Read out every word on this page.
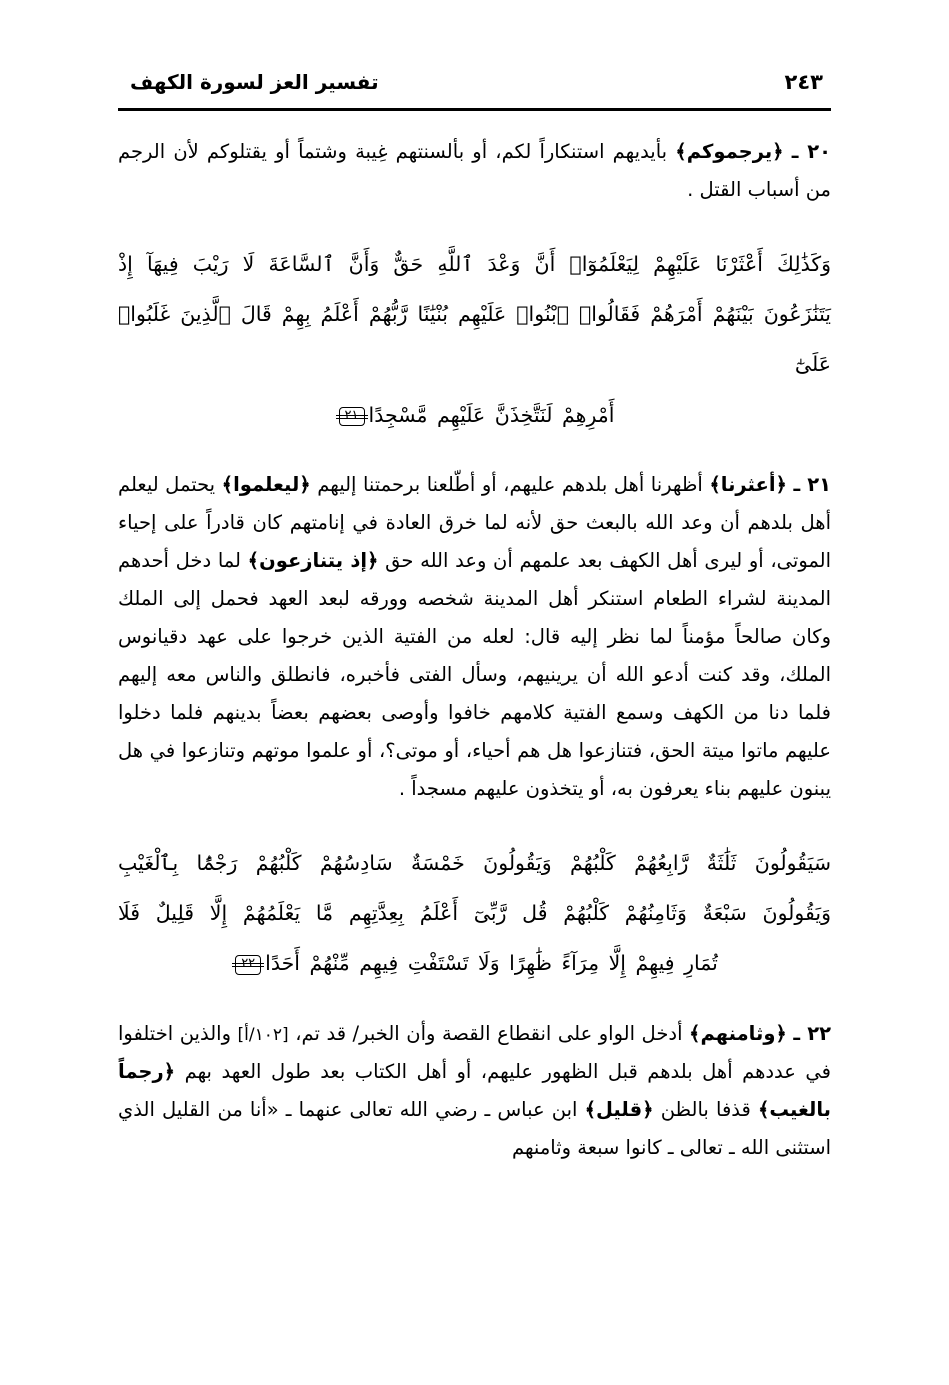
تفسير العز لسورة الكهف	٢٤٣
٢٠ ـ ﴿يرجموكم﴾ بأيديهم استنكاراً لكم، أو بألسنتهم غِيبة وشتماً أو يقتلوكم لأن الرجم من أسباب القتل .
وَكَذَٰلِكَ أَعْثَرْنَا عَلَيْهِمْ لِيَعْلَمُوٓا۟ أَنَّ وَعْدَ ٱللَّهِ حَقٌّ وَأَنَّ ٱلسَّاعَةَ لَا رَيْبَ فِيهَآ إِذْ
يَتَنَٰزَعُونَ بَيْنَهُمْ أَمْرَهُمْ فَقَالُوا۟ ٱبْنُوا۟ عَلَيْهِم بُنْيَٰنًا رَّبُّهُمْ أَعْلَمُ بِهِمْ قَالَ ٱلَّذِينَ غَلَبُوا۟ عَلَىٰٓ
أَمْرِهِمْ لَنَتَّخِذَنَّ عَلَيْهِم مَّسْجِدًا٢١
٢١ ـ ﴿أعثرنا﴾ أظهرنا أهل بلدهم عليهم، أو أطّلعنا برحمتنا إليهم ﴿ليعلموا﴾ يحتمل ليعلم أهل بلدهم أن وعد الله بالبعث حق لأنه لما خرق العادة في إنامتهم كان قادراً على إحياء الموتى، أو ليرى أهل الكهف بعد علمهم أن وعد الله حق ﴿إذ يتنازعون﴾ لما دخل أحدهم المدينة لشراء الطعام استنكر أهل المدينة شخصه وورقه لبعد العهد فحمل إلى الملك وكان صالحاً مؤمناً لما نظر إليه قال: لعله من الفتية الذين خرجوا على عهد دقيانوس الملك، وقد كنت أدعو الله أن يرينيهم، وسأل الفتى فأخبره، فانطلق والناس معه إليهم فلما دنا من الكهف وسمع الفتية كلامهم خافوا وأوصى بعضهم بعضاً بدينهم فلما دخلوا عليهم ماتوا ميتة الحق، فتنازعوا هل هم أحياء، أو موتى؟، أو علموا موتهم وتنازعوا في هل يبنون عليهم بناء يعرفون به، أو يتخذون عليهم مسجداً .
سَيَقُولُونَ ثَلَٰثَةٌ رَّابِعُهُمْ كَلْبُهُمْ وَيَقُولُونَ خَمْسَةٌ سَادِسُهُمْ كَلْبُهُمْ رَجْمًۢا بِٱلْغَيْبِ
وَيَقُولُونَ سَبْعَةٌ وَثَامِنُهُمْ كَلْبُهُمْ قُل رَّبِّىٓ أَعْلَمُ بِعِدَّتِهِم مَّا يَعْلَمُهُمْ إِلَّا قَلِيلٌ فَلَا
تُمَارِ فِيهِمْ إِلَّا مِرَآءً ظَٰهِرًا وَلَا تَسْتَفْتِ فِيهِم مِّنْهُمْ أَحَدًا٢٢
٢٢ ـ ﴿وثامنهم﴾ أدخل الواو على انقطاع القصة وأن الخبر/ قد تم، [١٠٢/أ] والذين اختلفوا في عددهم أهل بلدهم قبل الظهور عليهم، أو أهل الكتاب بعد طول العهد بهم ﴿رجماً بالغيب﴾ قذفا بالظن ﴿قليل﴾ ابن عباس ـ رضي الله تعالى عنهما ـ «أنا من القليل الذي استثنى الله ـ تعالى ـ كانوا سبعة وثامنهم
